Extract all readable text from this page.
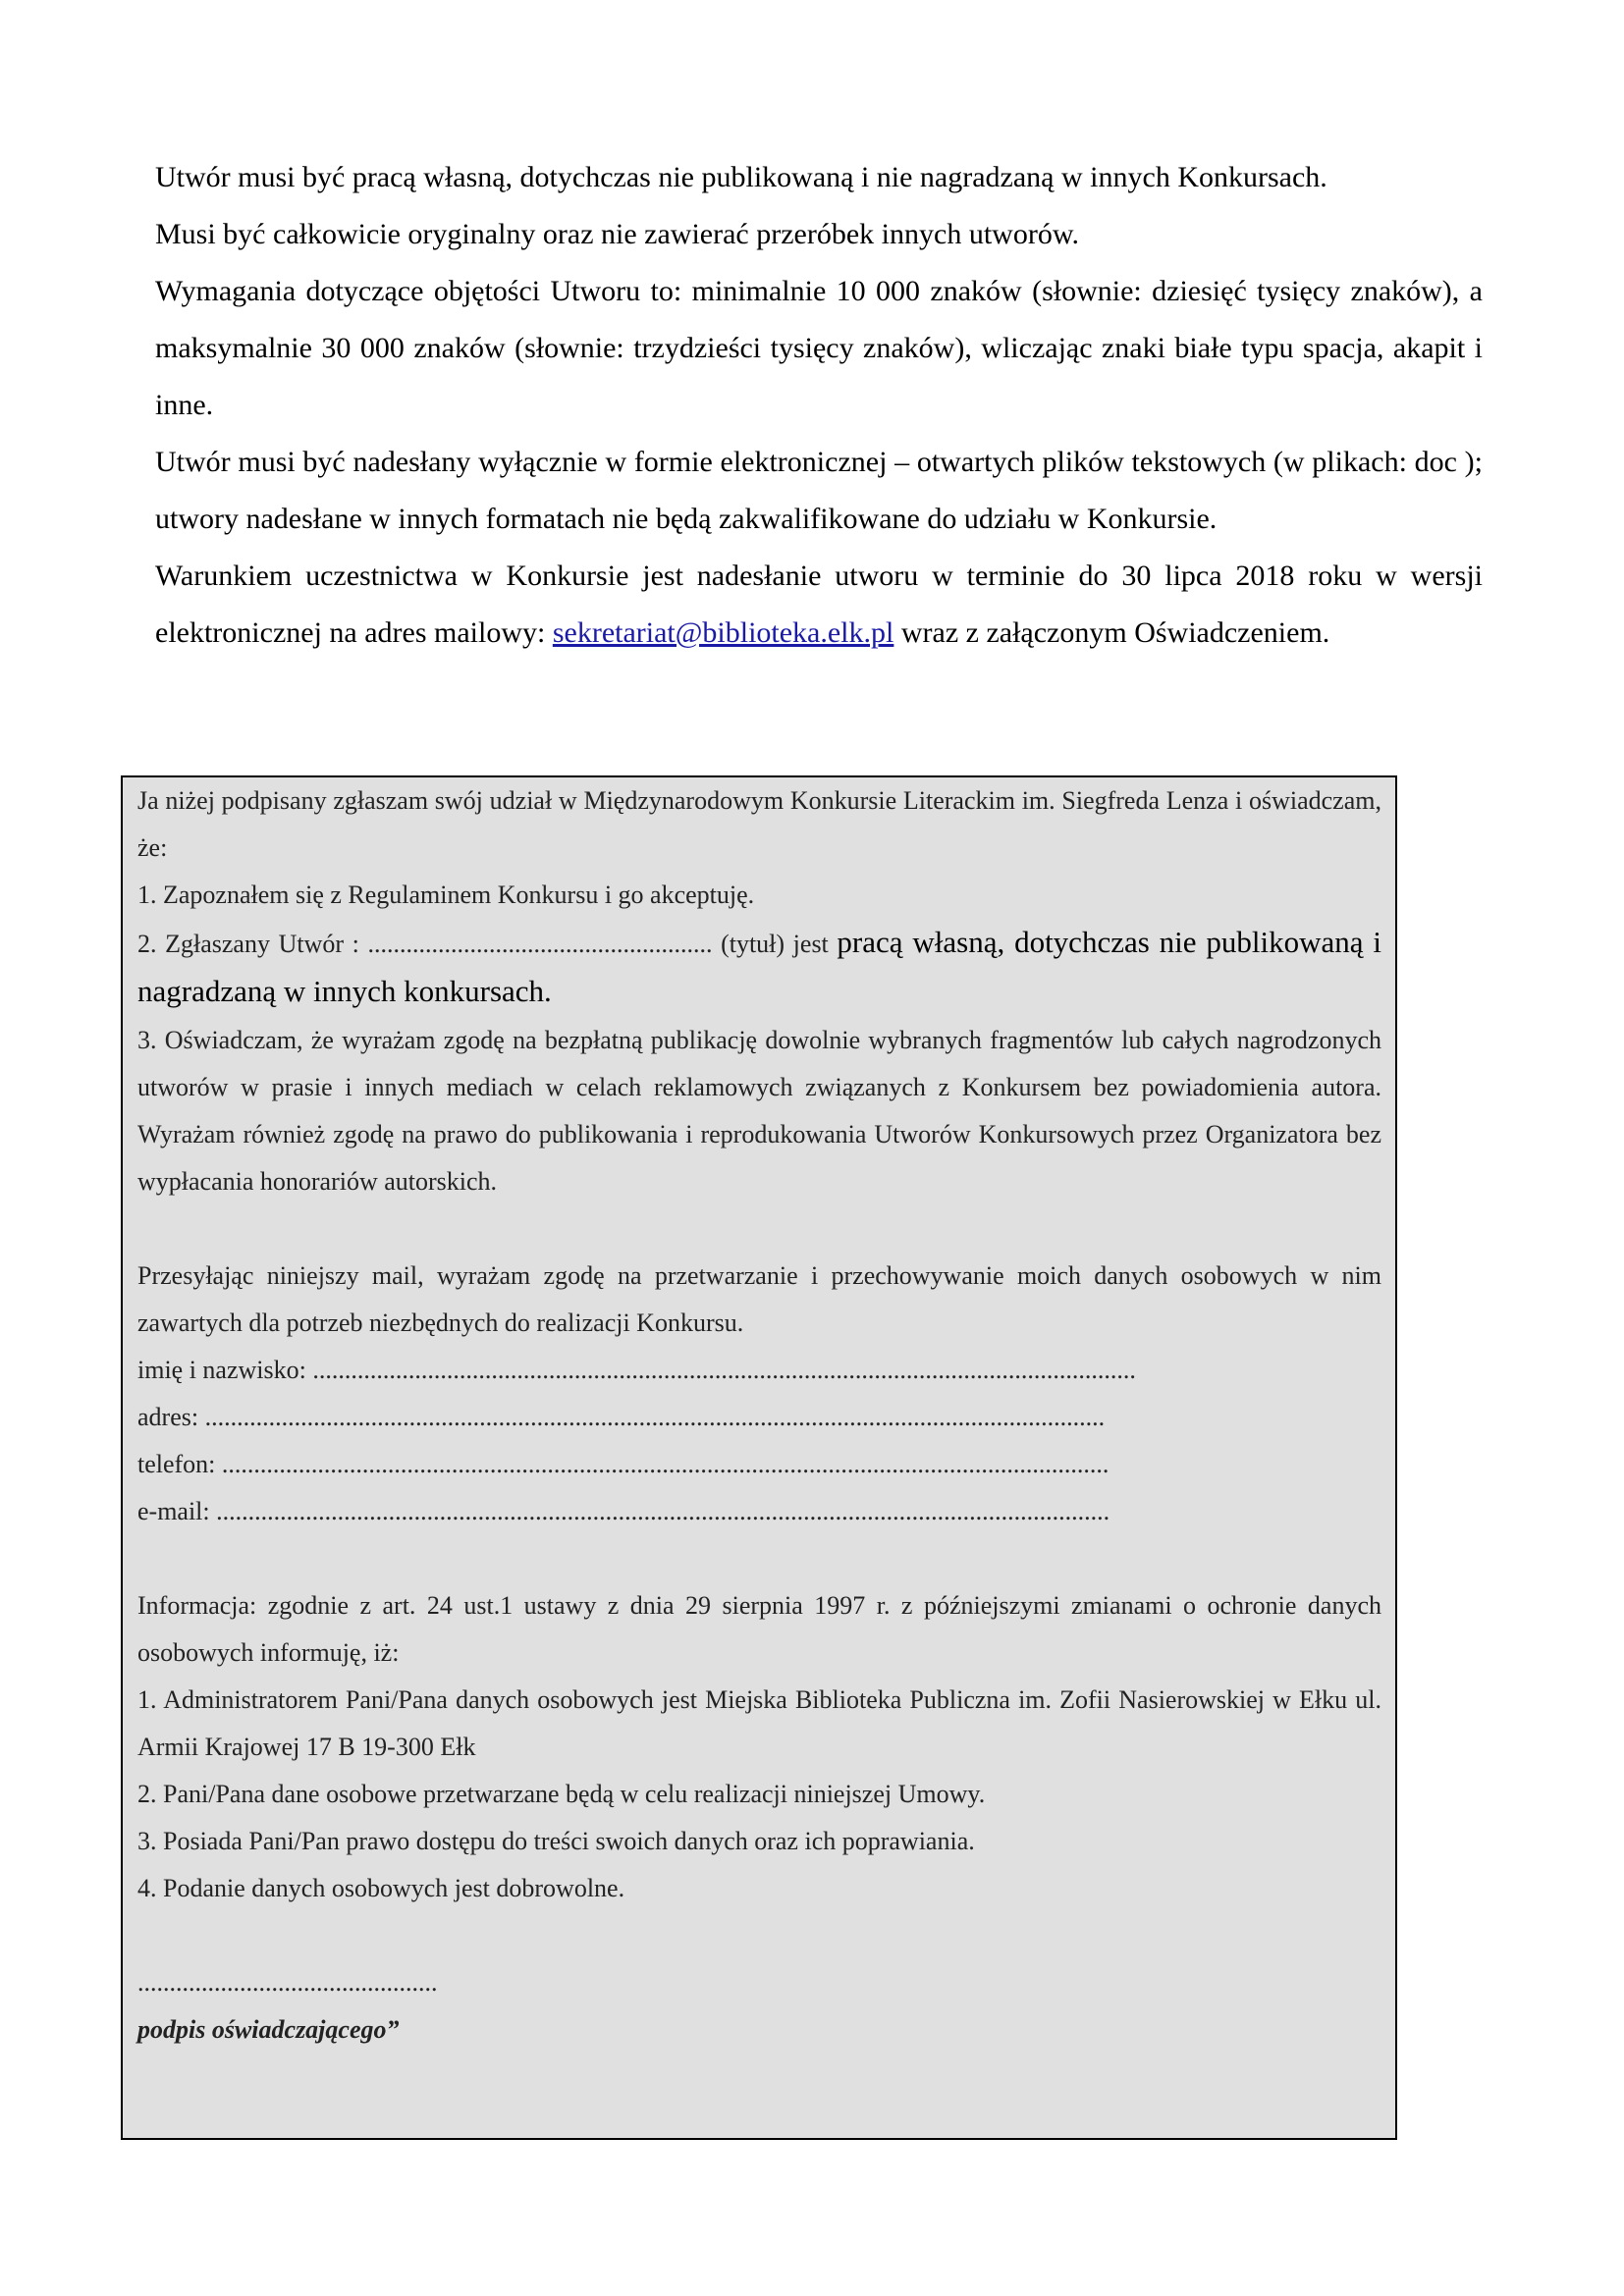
Utwór musi być pracą własną, dotychczas nie publikowaną i nie nagradzaną w innych Konkursach.

Musi być całkowicie oryginalny oraz nie zawierać przeróbek innych utworów.

Wymagania dotyczące objętości Utworu to: minimalnie 10 000 znaków (słownie: dziesięć tysięcy znaków), a maksymalnie 30 000 znaków (słownie: trzydzieści tysięcy znaków), wliczając znaki białe typu spacja, akapit i inne.

Utwór musi być nadesłany wyłącznie w formie elektronicznej – otwartych plików tekstowych (w plikach: doc ); utwory nadesłane w innych formatach nie będą zakwalifikowane do udziału w Konkursie.

Warunkiem uczestnictwa w Konkursie jest nadesłanie utworu w terminie do 30 lipca 2018 roku w wersji elektronicznej na adres mailowy: sekretariat@biblioteka.elk.pl wraz z załączonym Oświadczeniem.

Ja niżej podpisany zgłaszam swój udział w Międzynarodowym Konkursie Literackim im. Siegfreda Lenza i oświadczam, że:

1. Zapoznałem się z Regulaminem Konkursu i go akceptuję.

2. Zgłaszany Utwór : ...................................................... (tytuł) jest pracą własną, dotychczas nie publikowaną i nagradzaną w innych konkursach.

3. Oświadczam, że wyrażam zgodę na bezpłatną publikację dowolnie wybranych fragmentów lub całych nagrodzonych utworów w prasie i innych mediach w celach reklamowych związanych z Konkursem bez powiadomienia autora. Wyrażam również zgodę na prawo do publikowania i reprodukowania Utworów Konkursowych przez Organizatora bez wypłacania honorariów autorskich.

Przesyłając niniejszy mail, wyrażam zgodę na przetwarzanie i przechowywanie moich danych osobowych w nim zawartych dla potrzeb niezbędnych do realizacji Konkursu.

imię i nazwisko: .................................................................................................................................

adres: .............................................................................................................................................

telefon: ...........................................................................................................................................

e-mail: ............................................................................................................................................

Informacja: zgodnie z art. 24 ust.1 ustawy z dnia 29 sierpnia 1997 r. z późniejszymi zmianami o ochronie danych osobowych informuję, iż:

1. Administratorem Pani/Pana danych osobowych jest Miejska Biblioteka Publiczna im. Zofii Nasierowskiej w Ełku ul. Armii Krajowej 17 B 19-300 Ełk

2. Pani/Pana dane osobowe przetwarzane będą w celu realizacji niniejszej Umowy.

3. Posiada Pani/Pan prawo dostępu do treści swoich danych oraz ich poprawiania.

4. Podanie danych osobowych jest dobrowolne.

...............................................

podpis oświadczającego”
